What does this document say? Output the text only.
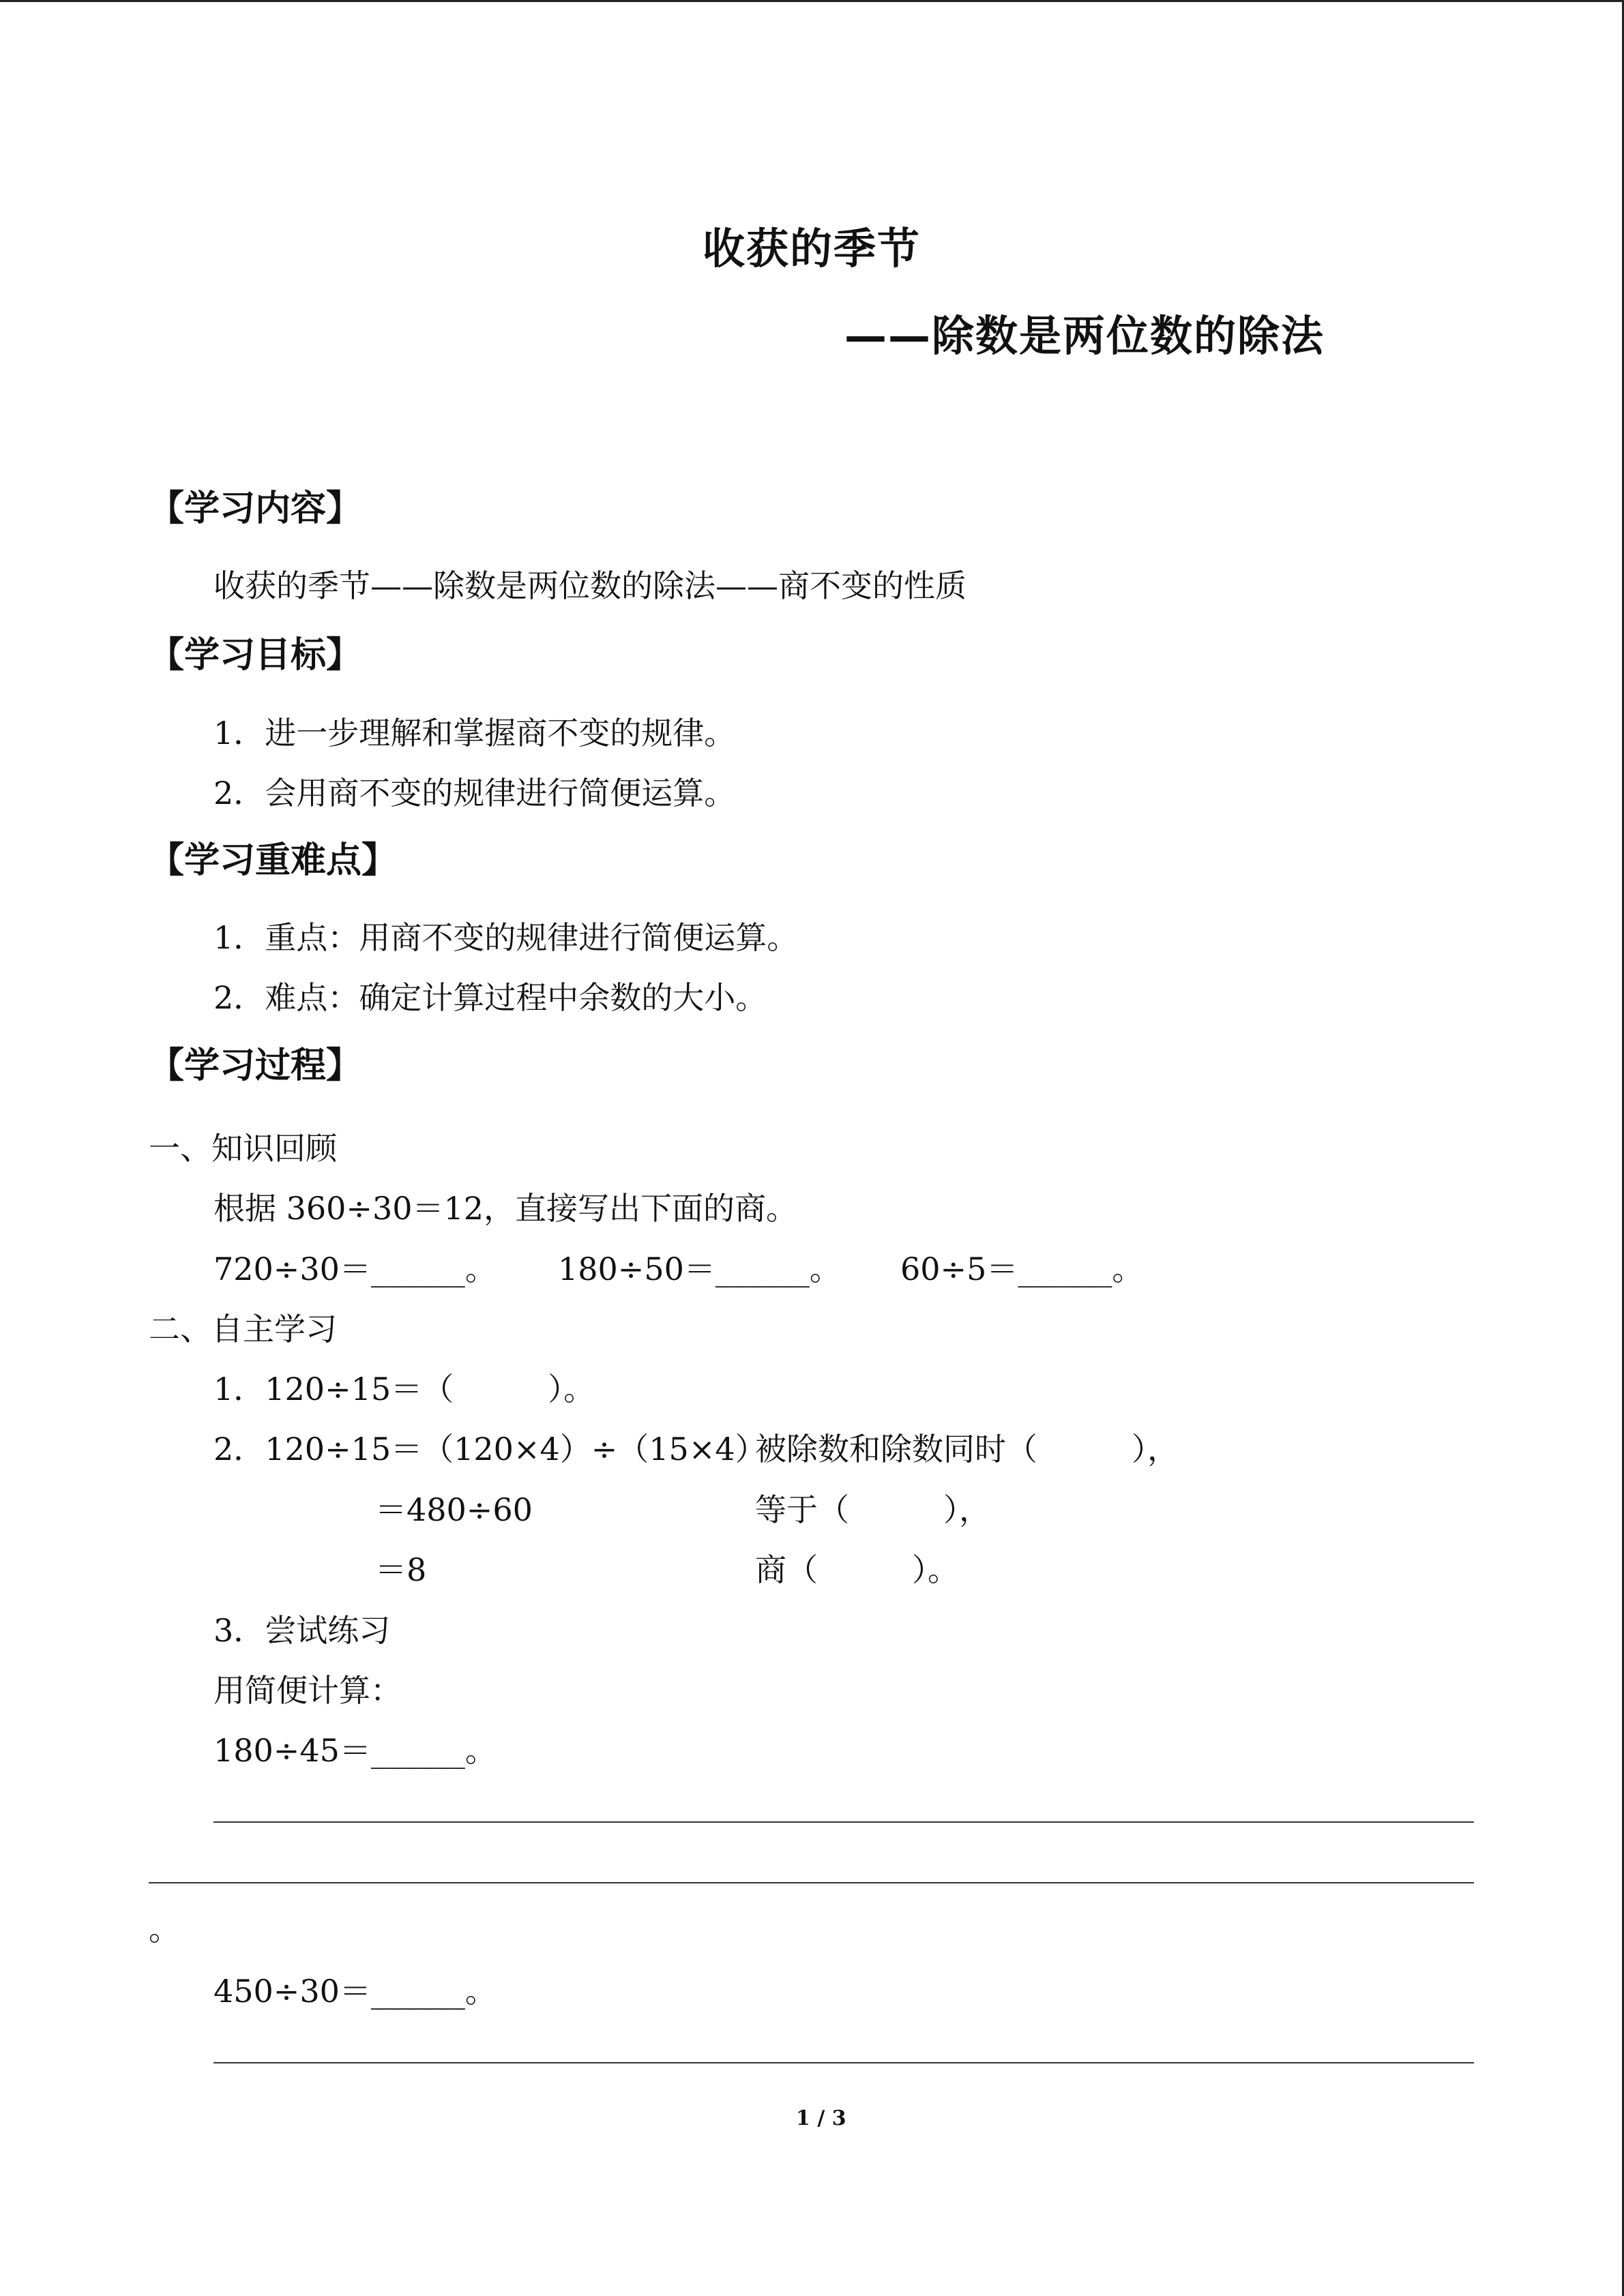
收获的季节
——除数是两位数的除法
【学习内容】
收获的季节——除数是两位数的除法——商不变的性质
【学习目标】
1．进一步理解和掌握商不变的规律。
2．会用商不变的规律进行简便运算。
【学习重难点】
1．重点：用商不变的规律进行简便运算。
2．难点：确定计算过程中余数的大小。
【学习过程】
一、知识回顾
根据 360÷30＝12，直接写出下面的商。
720÷30＝______。 180÷50＝______。 60÷5＝______。
二、自主学习
1．120÷15＝（　　　）。
2．120÷15＝（120×4）÷（15×4）
被除数和除数同时（　　　），
＝480÷60	等于（　　　），
＝8	商（　　　）。
3．尝试练习
用简便计算：
180÷45＝______。
。
450÷30＝______。
1 / 3
